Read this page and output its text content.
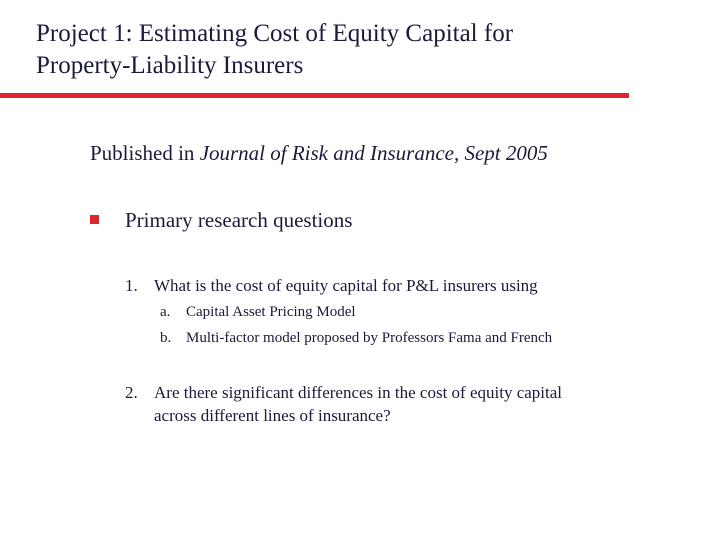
Project 1: Estimating Cost of Equity Capital for
Property-Liability Insurers
Published in Journal of Risk and Insurance, Sept 2005
Primary research questions
1. What is the cost of equity capital for P&L insurers using
a. Capital Asset Pricing Model
b. Multi-factor model proposed by Professors Fama and French
2. Are there significant differences in the cost of equity capital
across different lines of insurance?
